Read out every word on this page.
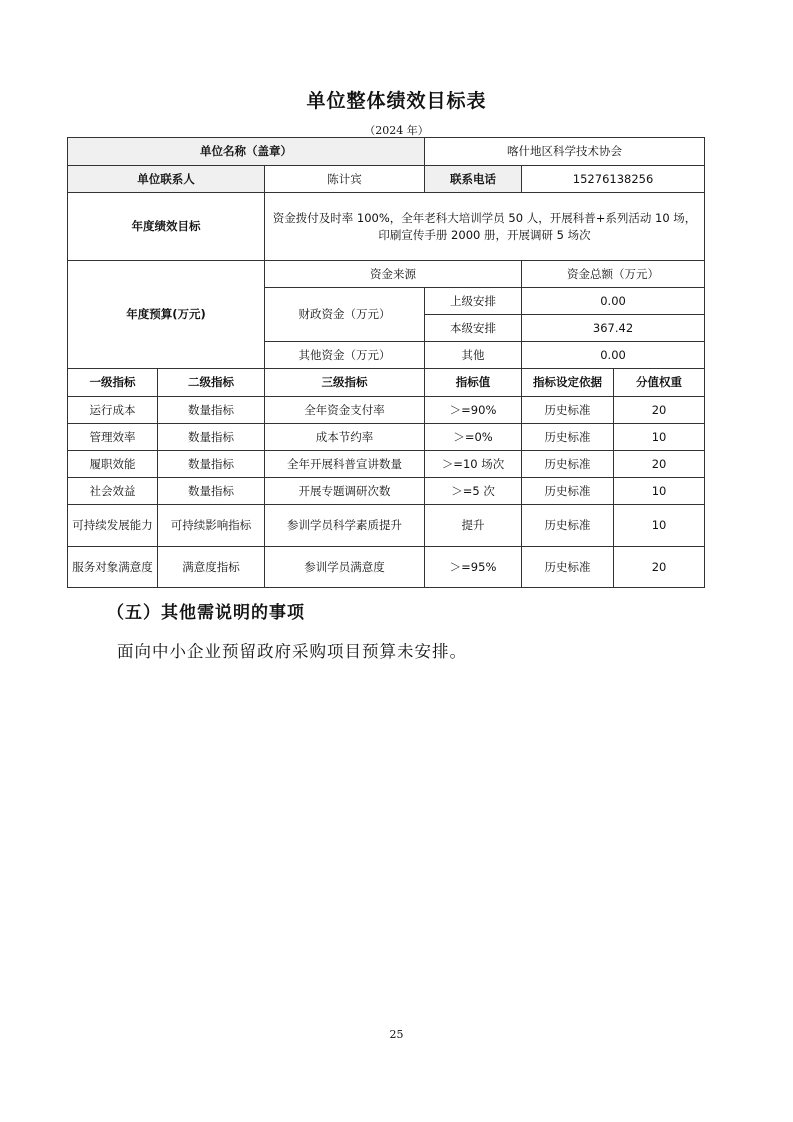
单位整体绩效目标表
（2024 年）
单位名称（盖章）			喀什地区科学技术协会		
单位联系人		陈计宾	联系电话	15276138256	
年度绩效目标		资金拨付及时率 100%，全年老科大培训学员 50 人，开展科普+系列活动 10 场，
印刷宣传手册 2000 册，开展调研 5 场次			
年度预算(万元)		资金来源		资金总额（万元）	
		财政资金（万元）	上级安排	0.00	
			本级安排	367.42	
		其他资金（万元）	其他	0.00	
一级指标	二级指标	三级指标	指标值	指标设定依据	分值权重
运行成本	数量指标	全年资金支付率	＞=90%	历史标准	20
管理效率	数量指标	成本节约率	＞=0%	历史标准	10
履职效能	数量指标	全年开展科普宣讲数量	＞=10 场次	历史标准	20
社会效益	数量指标	开展专题调研次数	＞=5 次	历史标准	10
可持续发展能力	可持续影响指标	参训学员科学素质提升	提升	历史标准	10
服务对象满意度	满意度指标	参训学员满意度	＞=95%	历史标准	20
（五）其他需说明的事项
面向中小企业预留政府采购项目预算未安排。
25
